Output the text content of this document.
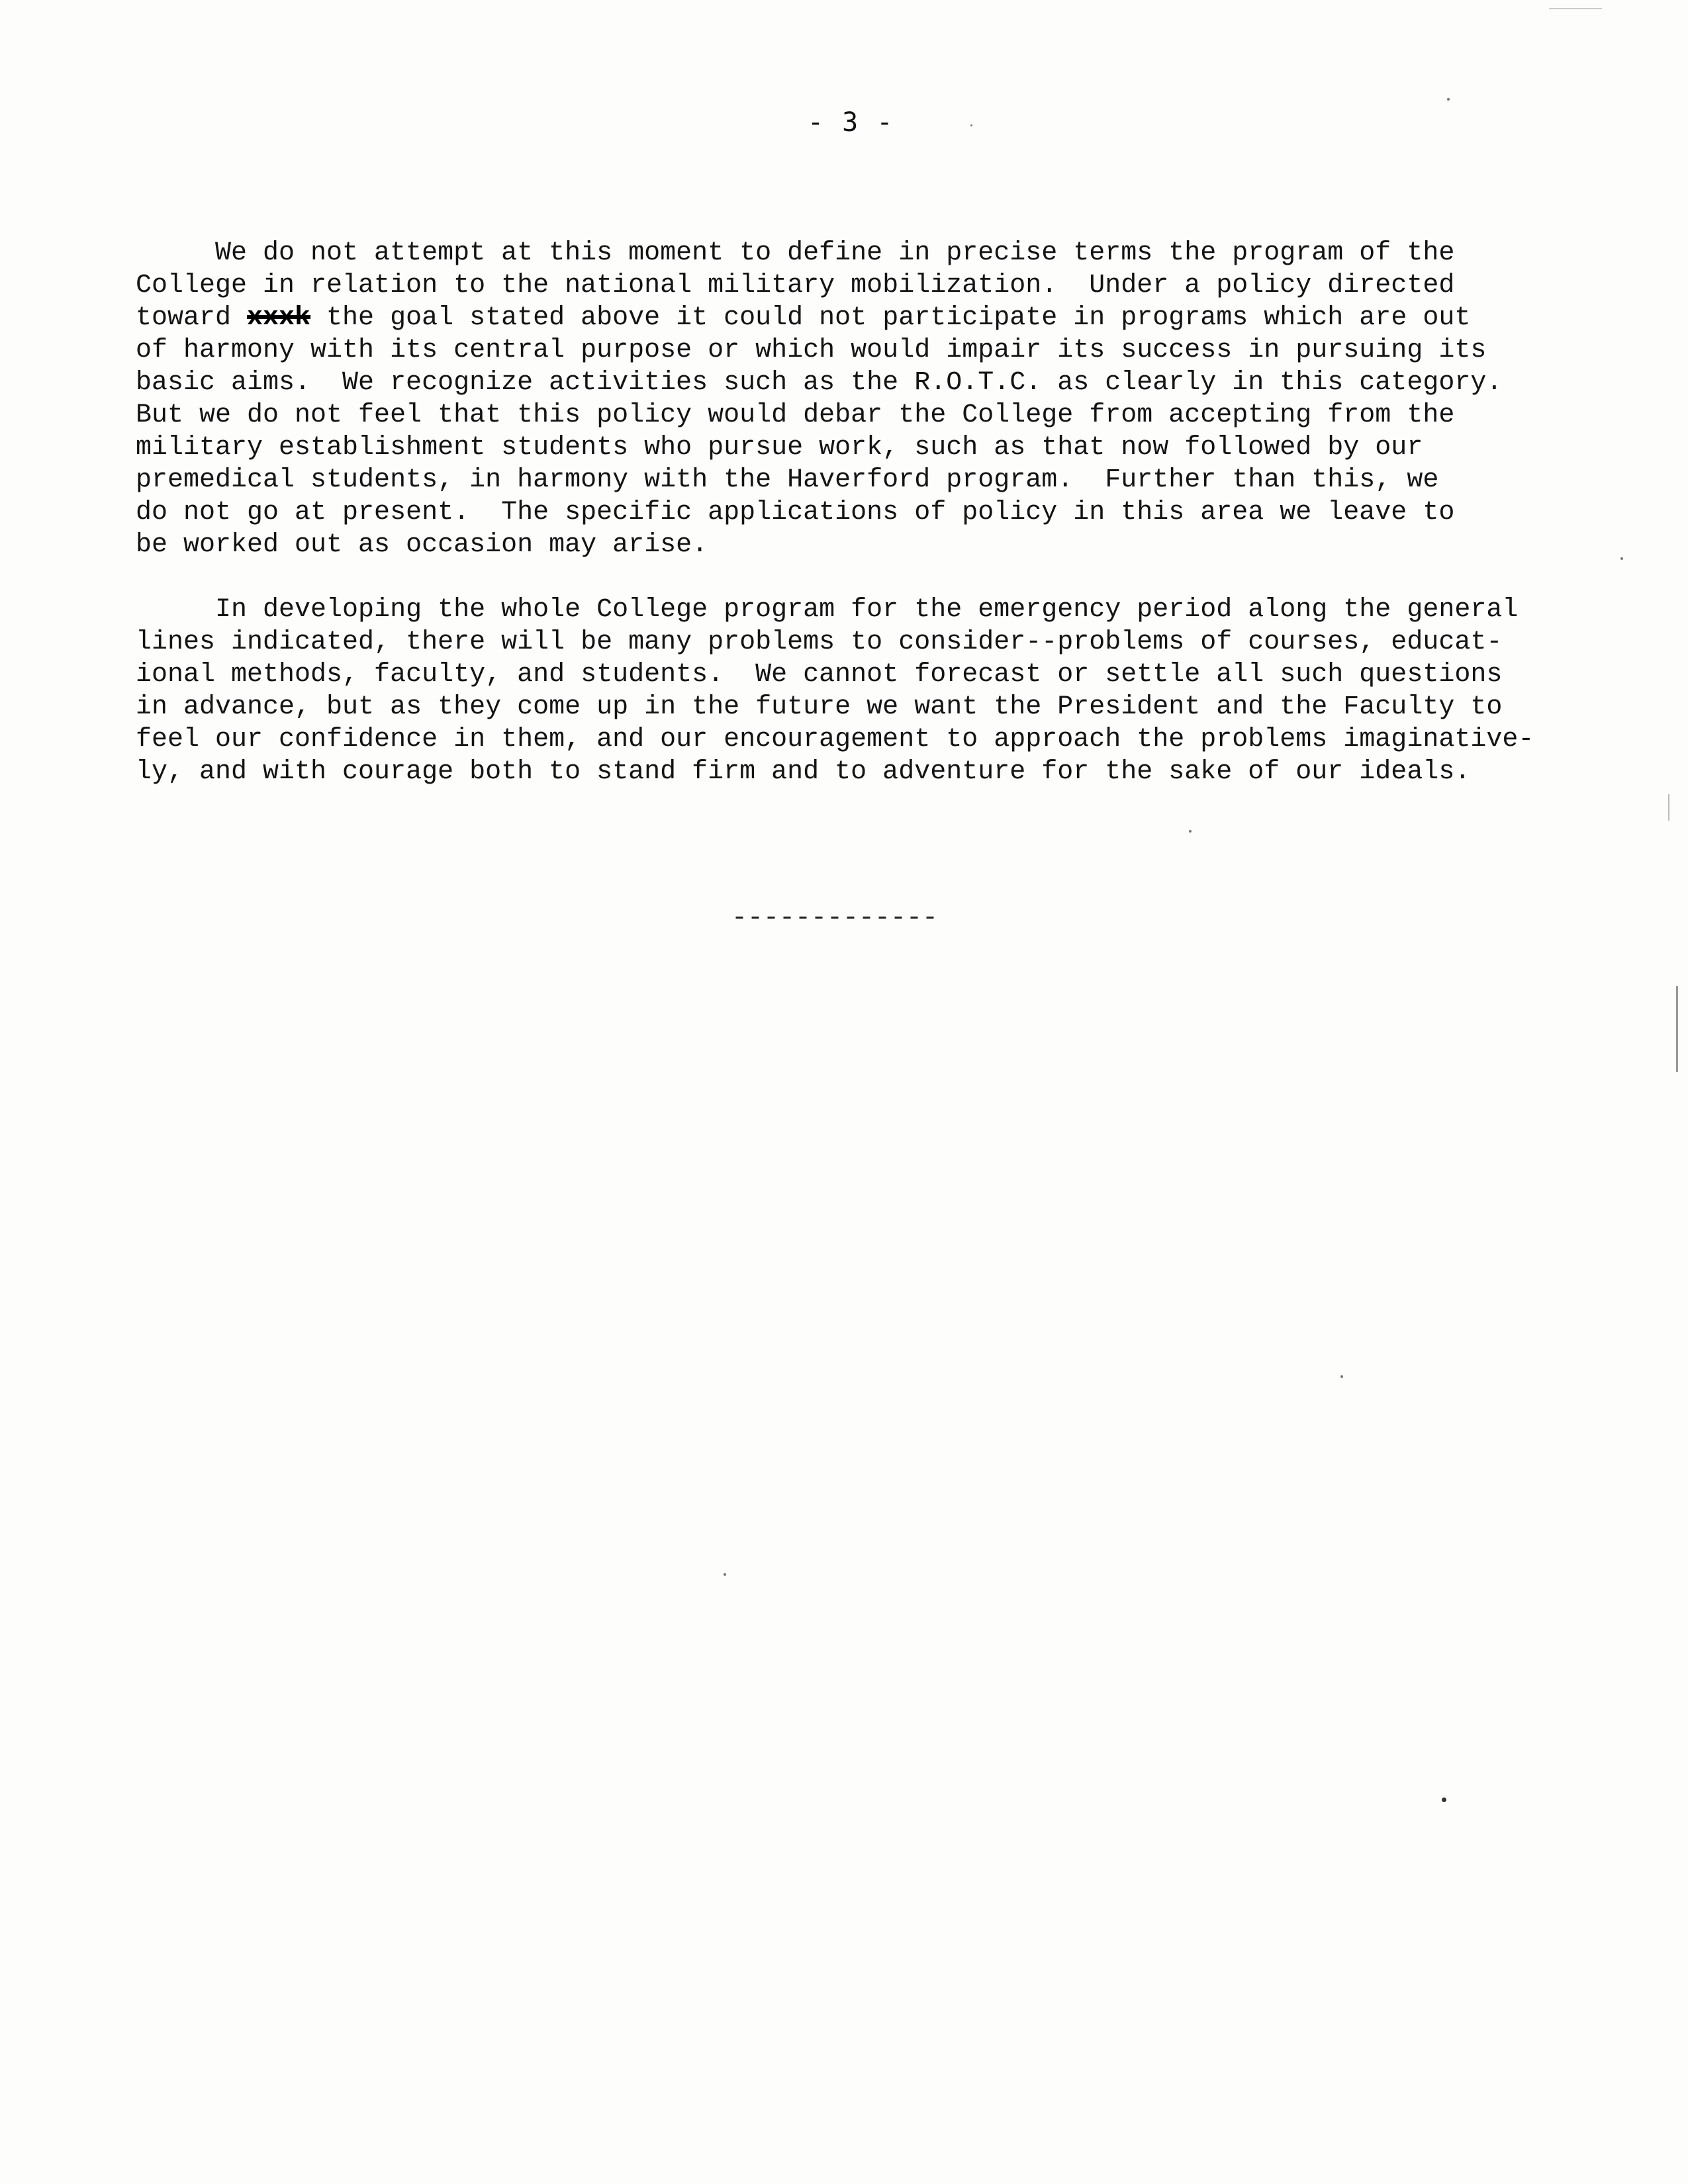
- 3 -
We do not attempt at this moment to define in precise terms the program of the
College in relation to the national military mobilization.  Under a policy directed
toward xxxk the goal stated above it could not participate in programs which are out
of harmony with its central purpose or which would impair its success in pursuing its
basic aims.  We recognize activities such as the R.O.T.C. as clearly in this category.
But we do not feel that this policy would debar the College from accepting from the
military establishment students who pursue work, such as that now followed by our
premedical students, in harmony with the Haverford program.  Further than this, we
do not go at present.  The specific applications of policy in this area we leave to
be worked out as occasion may arise.
In developing the whole College program for the emergency period along the general
lines indicated, there will be many problems to consider--problems of courses, educat-
ional methods, faculty, and students.  We cannot forecast or settle all such questions
in advance, but as they come up in the future we want the President and the Faculty to
feel our confidence in them, and our encouragement to approach the problems imaginative-
ly, and with courage both to stand firm and to adventure for the sake of our ideals.
-------------
